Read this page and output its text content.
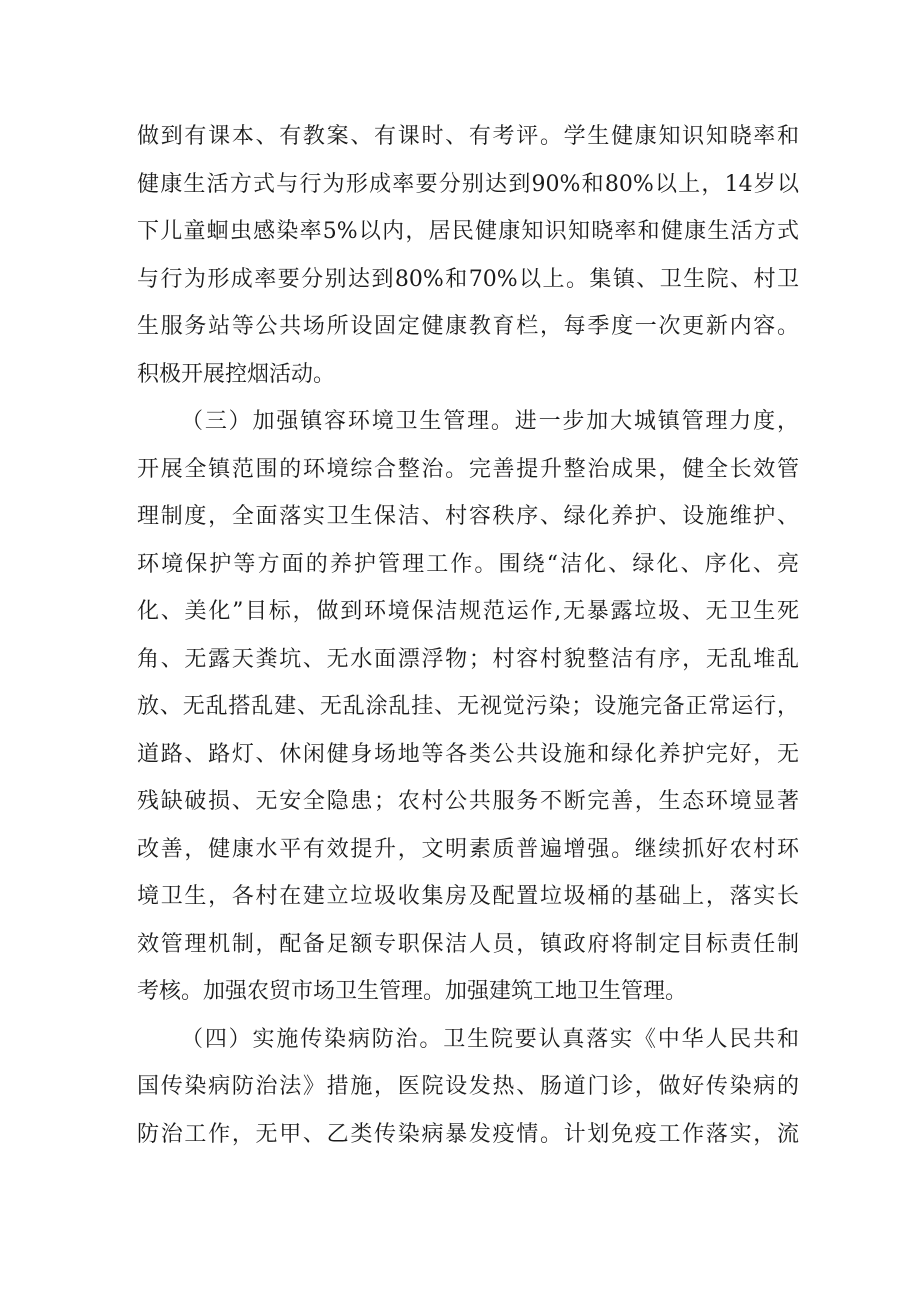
做到有课本、有教案、有课时、有考评。学生健康知识知晓率和
健康生活方式与行为形成率要分别达到90%和80%以上，14岁以
下儿童蛔虫感染率5%以内，居民健康知识知晓率和健康生活方式
与行为形成率要分别达到80%和70%以上。集镇、卫生院、村卫
生服务站等公共场所设固定健康教育栏，每季度一次更新内容。
积极开展控烟活动。
（三）加强镇容环境卫生管理。进一步加大城镇管理力度，
开展全镇范围的环境综合整治。完善提升整治成果，健全长效管
理制度，全面落实卫生保洁、村容秩序、绿化养护、设施维护、
环境保护等方面的养护管理工作。围绕“洁化、绿化、序化、亮
化、美化”目标，做到环境保洁规范运作,无暴露垃圾、无卫生死
角、无露天粪坑、无水面漂浮物；村容村貌整洁有序，无乱堆乱
放、无乱搭乱建、无乱涂乱挂、无视觉污染；设施完备正常运行，
道路、路灯、休闲健身场地等各类公共设施和绿化养护完好，无
残缺破损、无安全隐患；农村公共服务不断完善，生态环境显著
改善，健康水平有效提升，文明素质普遍增强。继续抓好农村环
境卫生，各村在建立垃圾收集房及配置垃圾桶的基础上，落实长
效管理机制，配备足额专职保洁人员，镇政府将制定目标责任制
考核。加强农贸市场卫生管理。加强建筑工地卫生管理。
（四）实施传染病防治。卫生院要认真落实《中华人民共和
国传染病防治法》措施，医院设发热、肠道门诊，做好传染病的
防治工作，无甲、乙类传染病暴发疫情。计划免疫工作落实，流
